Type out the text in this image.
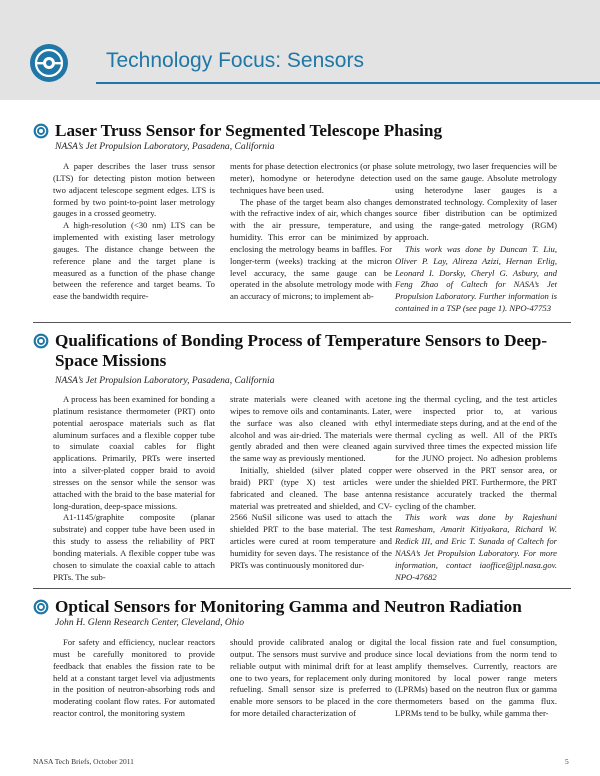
Technology Focus: Sensors
Laser Truss Sensor for Segmented Telescope Phasing
NASA’s Jet Propulsion Laboratory, Pasadena, California

A paper describes the laser truss sensor (LTS) for detecting piston motion between two adjacent telescope segment edges. LTS is formed by two point-to-point laser metrology gauges in a crossed geometry.

A high-resolution (<30 nm) LTS can be implemented with existing laser metrology gauges. The distance change between the reference plane and the target plane is measured as a function of the phase change between the reference and target beams. To ease the bandwidth require-

ments for phase detection electronics (or phase meter), homodyne or heterodyne detection techniques have been used.

The phase of the target beam also changes with the refractive index of air, which changes with the air pressure, temperature, and humidity. This error can be minimized by enclosing the metrology beams in baffles. For longer-term (weeks) tracking at the micron level accuracy, the same gauge can be operated in the absolute metrology mode with an accuracy of microns; to implement ab-

solute metrology, two laser frequencies will be used on the same gauge. Absolute metrology using heterodyne laser gauges is a demonstrated technology. Complexity of laser source fiber distribution can be optimized using the range-gated metrology (RGM) approach.

This work was done by Duncan T. Liu, Oliver P. Lay, Alireza Azizi, Hernan Erlig, Leonard I. Dorsky, Cheryl G. Asbury, and Feng Zhao of Caltech for NASA’s Jet Propulsion Laboratory. Further information is contained in a TSP (see page 1). NPO-47753

Qualifications of Bonding Process of Temperature Sensors to Deep-Space Missions
NASA’s Jet Propulsion Laboratory, Pasadena, California

A process has been examined for bonding a platinum resistance thermometer (PRT) onto potential aerospace materials such as flat aluminum surfaces and a flexible copper tube to simulate coaxial cables for flight applications. Primarily, PRTs were inserted into a silver-plated copper braid to avoid stresses on the sensor while the sensor was attached with the braid to the base material for long-duration, deep-space missions.

A1-1145/graphite composite (planar substrate) and copper tube have been used in this study to assess the reliability of PRT bonding materials. A flexible copper tube was chosen to simulate the coaxial cable to attach PRTs. The sub-

strate materials were cleaned with acetone wipes to remove oils and contaminants. Later, the surface was also cleaned with ethyl alcohol and was air-dried. The materials were gently abraded and then were cleaned again the same way as previously mentioned.

Initially, shielded (silver plated copper braid) PRT (type X) test articles were fabricated and cleaned. The base antenna material was pretreated and shielded, and CV-2566 NuSil silicone was used to attach the shielded PRT to the base material. The test articles were cured at room temperature and humidity for seven days. The resistance of the PRTs was continuously monitored dur-

ing the thermal cycling, and the test articles were inspected prior to, at various intermediate steps during, and at the end of the thermal cycling as well. All of the PRTs survived three times the expected mission life for the JUNO project. No adhesion problems were observed in the PRT sensor area, or under the shielded PRT. Furthermore, the PRT resistance accurately tracked the thermal cycling of the chamber.

This work was done by Rajeshuni Ramesham, Amarit Kitiyakara, Richard W. Redick III, and Eric T. Sunada of Caltech for NASA’s Jet Propulsion Laboratory. For more information, contact iaoffice@jpl.nasa.gov. NPO-47682

Optical Sensors for Monitoring Gamma and Neutron Radiation
John H. Glenn Research Center, Cleveland, Ohio

For safety and efficiency, nuclear reactors must be carefully monitored to provide feedback that enables the fission rate to be held at a constant target level via adjustments in the position of neutron-absorbing rods and moderating coolant flow rates. For automated reactor control, the monitoring system

should provide calibrated analog or digital output. The sensors must survive and produce reliable output with minimal drift for at least one to two years, for replacement only during refueling. Small sensor size is preferred to enable more sensors to be placed in the core for more detailed characterization of

the local fission rate and fuel consumption, since local deviations from the norm tend to amplify themselves. Currently, reactors are monitored by local power range meters (LPRMs) based on the neutron flux or gamma thermometers based on the gamma flux. LPRMs tend to be bulky, while gamma ther-

NASA Tech Briefs, October 2011	5
